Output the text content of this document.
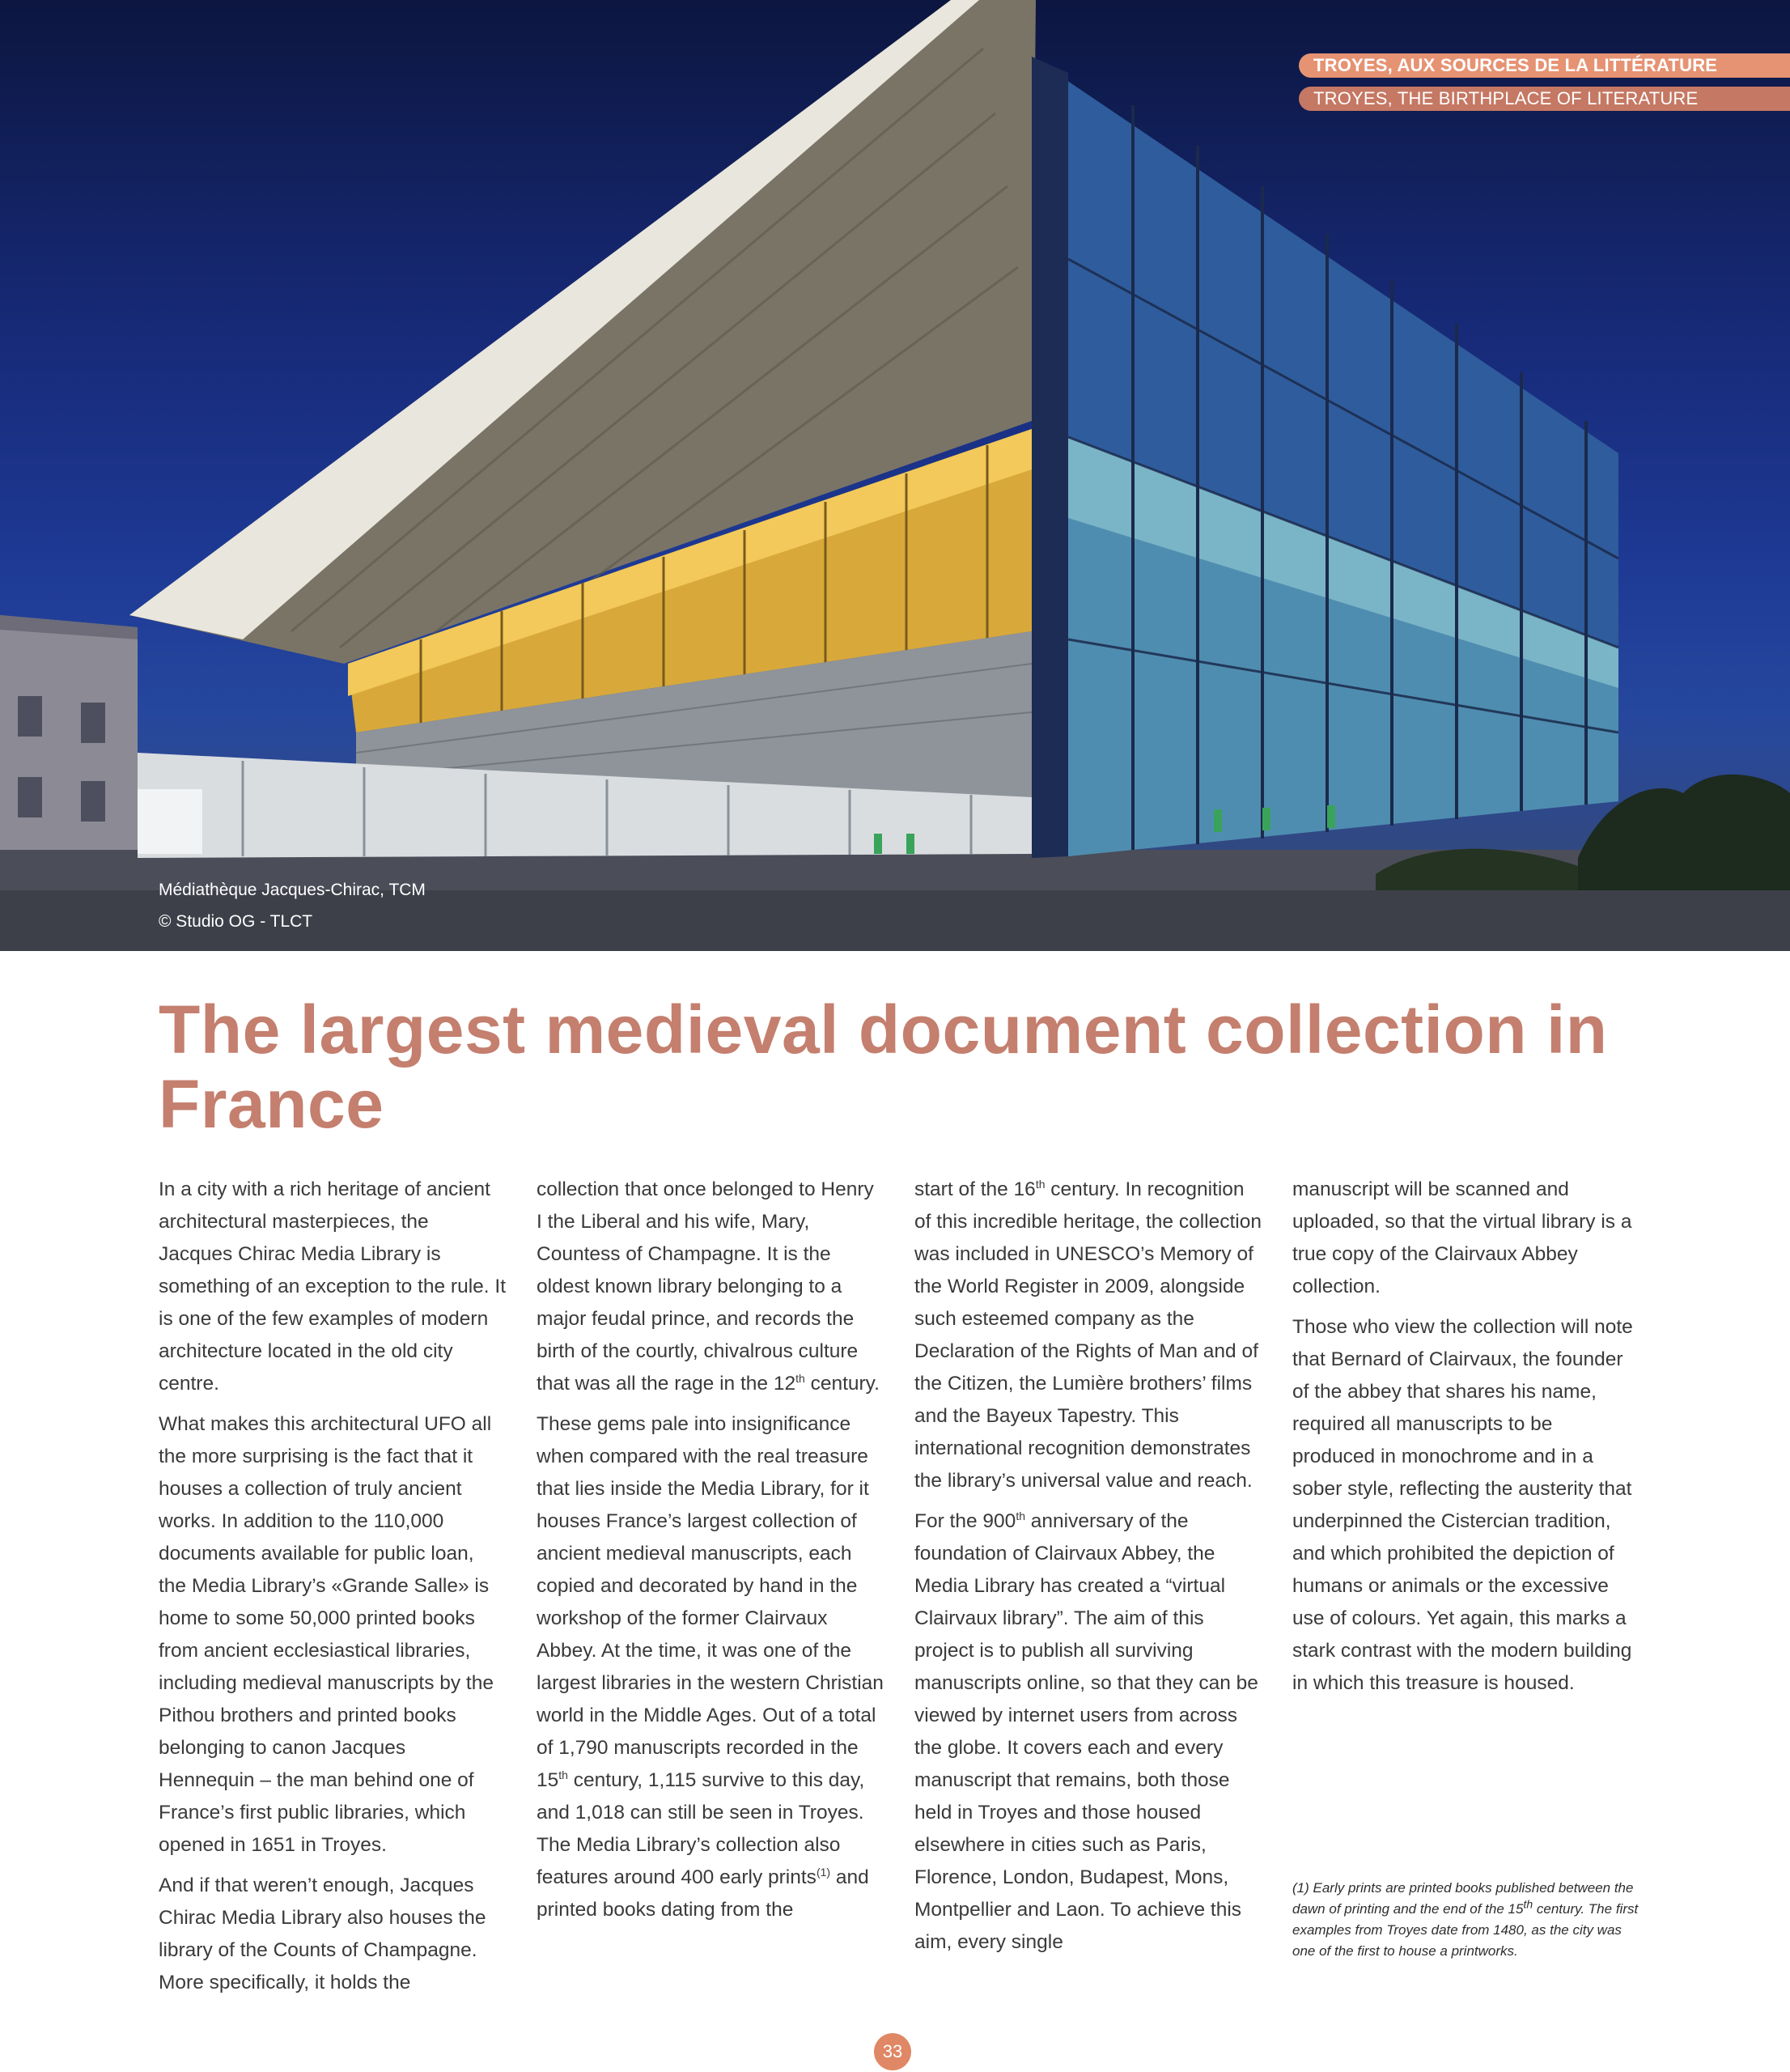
TROYES, AUX SOURCES DE LA LITTÉRATURE
TROYES, THE BIRTHPLACE OF LITERATURE
Médiathèque Jacques-Chirac, TCM
© Studio OG - TLCT
The largest medieval document collection in France

In a city with a rich heritage of ancient architectural masterpieces, the Jacques Chirac Media Library is something of an exception to the rule. It is one of the few examples of modern architecture located in the old city centre.

What makes this architectural UFO all the more surprising is the fact that it houses a collection of truly ancient works. In addition to the 110,000 documents available for public loan, the Media Library’s «Grande Salle» is home to some 50,000 printed books from ancient ecclesiastical libraries, including medieval manuscripts by the Pithou brothers and printed books belonging to canon Jacques Hennequin – the man behind one of France’s first public libraries, which opened in 1651 in Troyes.

And if that weren’t enough, Jacques Chirac Media Library also houses the library of the Counts of Champagne. More specifically, it holds the

collection that once belonged to Henry I the Liberal and his wife, Mary, Countess of Champagne. It is the oldest known library belonging to a major feudal prince, and records the birth of the courtly, chivalrous culture that was all the rage in the 12th century.

These gems pale into insignificance when compared with the real treasure that lies inside the Media Library, for it houses France’s largest collection of ancient medieval manuscripts, each copied and decorated by hand in the workshop of the former Clairvaux Abbey. At the time, it was one of the largest libraries in the western Christian world in the Middle Ages. Out of a total of 1,790 manuscripts recorded in the 15th century, 1,115 survive to this day, and 1,018 can still be seen in Troyes. The Media Library’s collection also features around 400 early prints$^{(1)}$ and printed books dating from the

start of the 16th century. In recognition of this incredible heritage, the collection was included in UNESCO’s Memory of the World Register in 2009, alongside such esteemed company as the Declaration of the Rights of Man and of the Citizen, the Lumière brothers’ films and the Bayeux Tapestry. This international recognition demonstrates the library’s universal value and reach.

For the 900th anniversary of the foundation of Clairvaux Abbey, the Media Library has created a “virtual Clairvaux library”. The aim of this project is to publish all surviving manuscripts online, so that they can be viewed by internet users from across the globe. It covers each and every manuscript that remains, both those held in Troyes and those housed elsewhere in cities such as Paris, Florence, London, Budapest, Mons, Montpellier and Laon. To achieve this aim, every single

manuscript will be scanned and uploaded, so that the virtual library is a true copy of the Clairvaux Abbey collection.

Those who view the collection will note that Bernard of Clairvaux, the founder of the abbey that shares his name, required all manuscripts to be produced in monochrome and in a sober style, reflecting the austerity that underpinned the Cistercian tradition, and which prohibited the depiction of humans or animals or the excessive use of colours. Yet again, this marks a stark contrast with the modern building in which this treasure is housed.

(1) Early prints are printed books published between the dawn of printing and the end of the 15th century. The first examples from Troyes date from 1480, as the city was one of the first to house a printworks.
33
